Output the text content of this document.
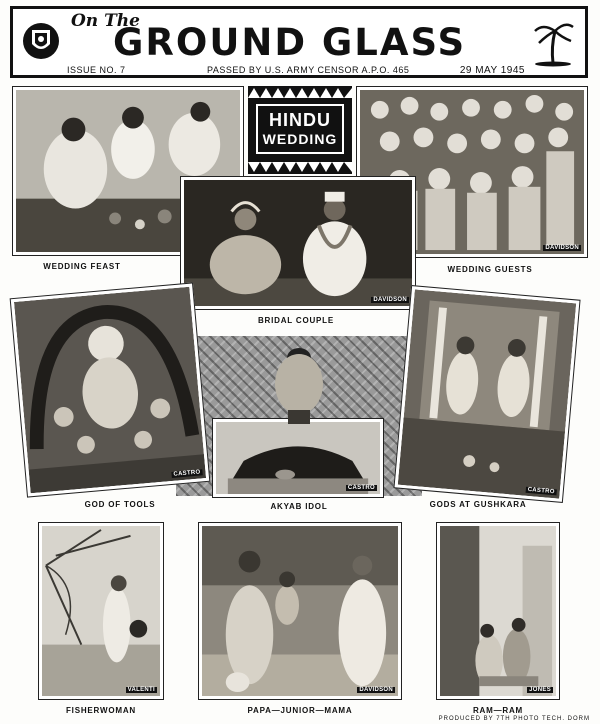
On The
GROUND GLASS
ISSUE NO. 7	PASSED BY U.S. ARMY CENSOR A.P.O. 465	29 MAY 1945
WEDDING FEAST
HINDU
WEDDING
DAVIDSON
WEDDING GUESTS
DAVIDSON
BRIDAL COUPLE
CASTRO
GOD OF TOOLS
CASTRO
AKYAB IDOL
CASTRO
GODS AT GUSHKARA
VALENTI
FISHERWOMAN
DAVIDSON
PAPA—JUNIOR—MAMA
JONES
RAM—RAM
PRODUCED BY 7TH PHOTO TECH. DORM
